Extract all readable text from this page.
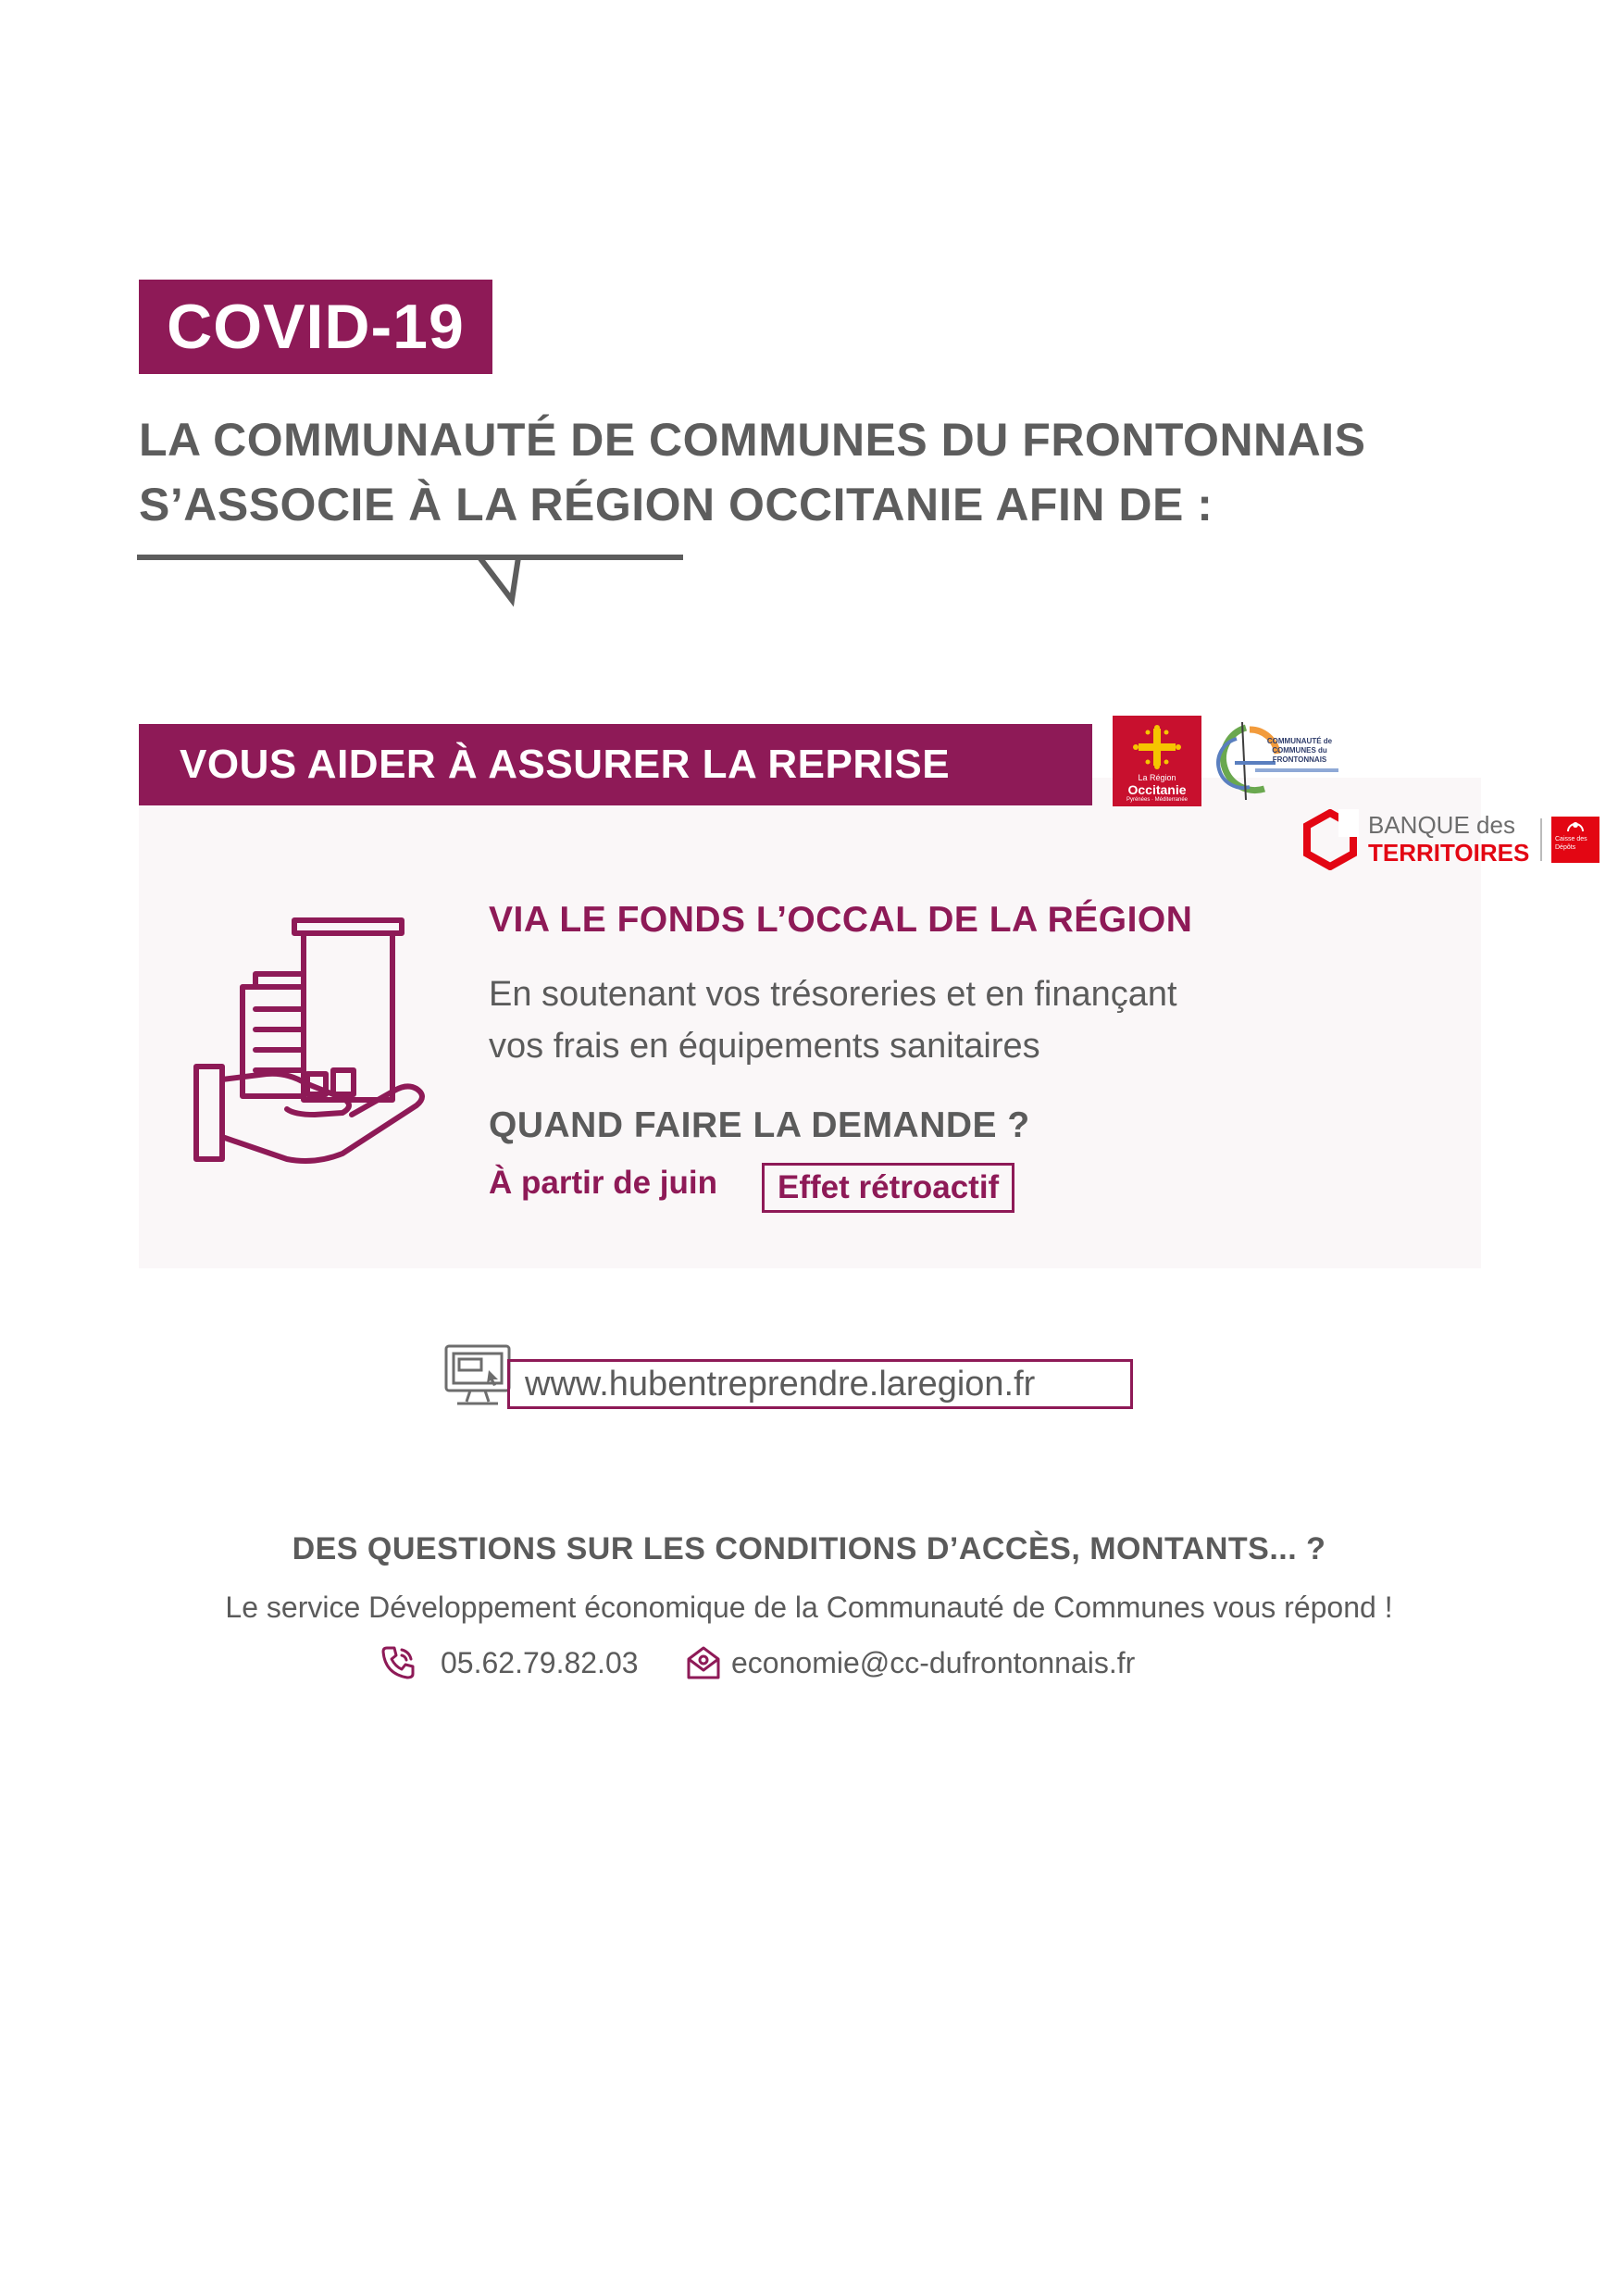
COVID-19
LA COMMUNAUTÉ DE COMMUNES DU FRONTONNAIS
S’ASSOCIE À LA RÉGION OCCITANIE AFIN DE :
VOUS AIDER À ASSURER LA REPRISE	La Région
Occitanie
Pyrénées · Méditerranée
COMMUNAUTÉ de COMMUNES du FRONTONNAIS
BANQUE des
TERRITOIRES	Caisse des Dépôts
VIA LE FONDS L’OCCAL DE LA RÉGION
En soutenant vos trésoreries et en finançant
vos frais en équipements sanitaires
QUAND FAIRE LA DEMANDE ?
À partir de juin	Effet rétroactif
www.hubentreprendre.laregion.fr
DES QUESTIONS SUR LES CONDITIONS D’ACCÈS, MONTANTS... ?
Le service Développement économique de la Communauté de Communes vous répond !
05.62.79.82.03	economie@cc-dufrontonnais.fr
